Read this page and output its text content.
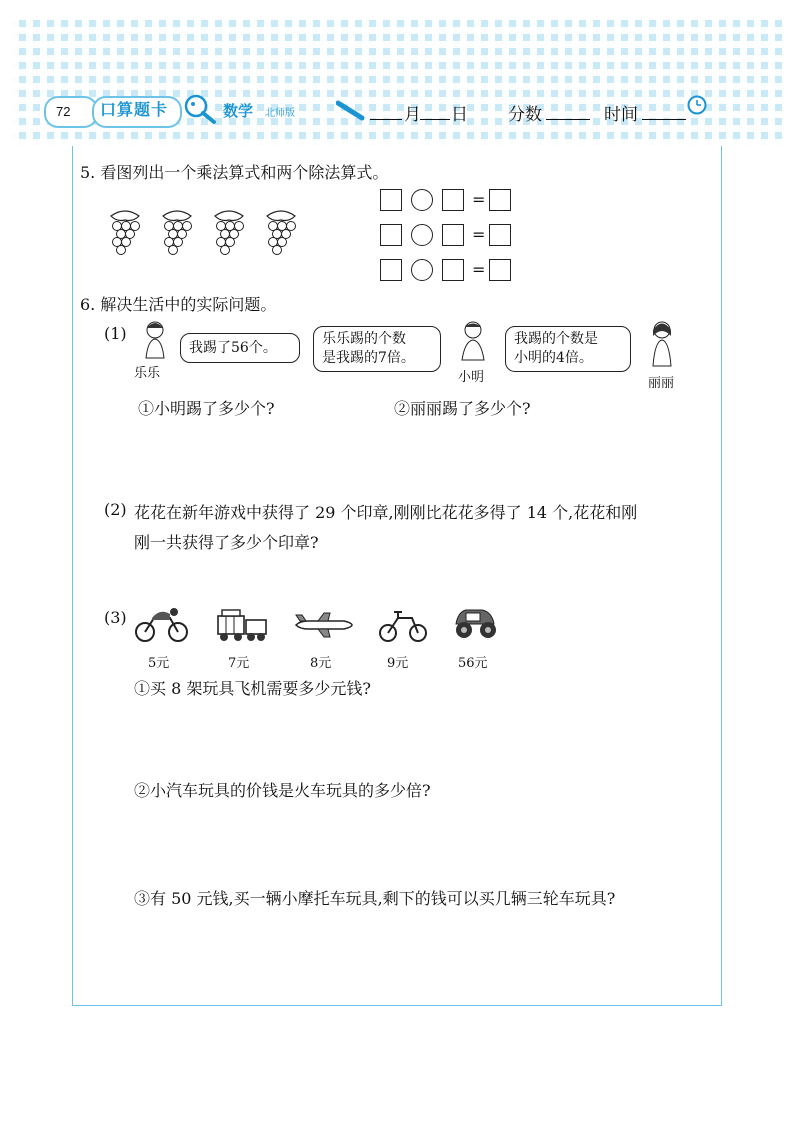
72 口算题卡	数学 北师版	月 日 分数	时间
5. 看图列出一个乘法算式和两个除法算式。
=
=
=
6. 解决生活中的实际问题。
(1)
乐乐
我踢了56个。
乐乐踢的个数
是我踢的7倍。
小明
我踢的个数是
小明的4倍。
丽丽
①小明踢了多少个?	②丽丽踢了多少个?
(2) 花花在新年游戏中获得了 29 个印章,刚刚比花花多得了 14 个,花花和刚
刚一共获得了多少个印章?
(3)
5元	7元	8元	9元	56元
①买 8 架玩具飞机需要多少元钱?
②小汽车玩具的价钱是火车玩具的多少倍?
③有 50 元钱,买一辆小摩托车玩具,剩下的钱可以买几辆三轮车玩具?
